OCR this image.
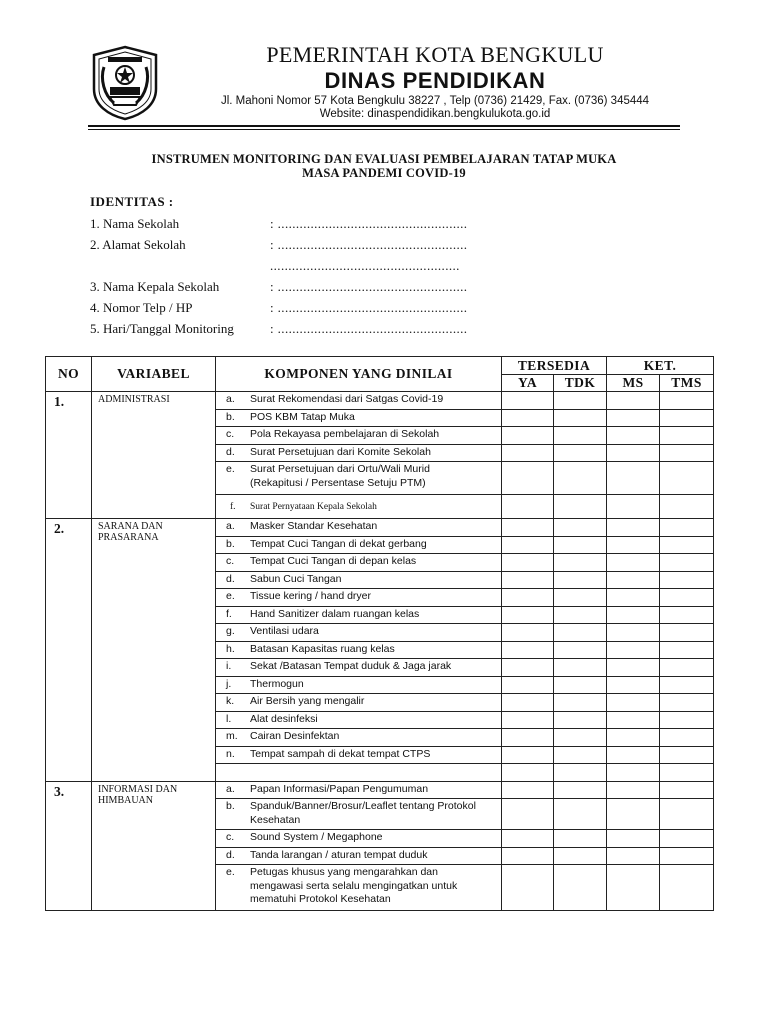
PEMERINTAH KOTA BENGKULU
DINAS PENDIDIKAN
Jl. Mahoni Nomor 57 Kota Bengkulu 38227 , Telp (0736) 21429, Fax. (0736) 345444
Website: dinaspendidikan.bengkulukota.go.id
INSTRUMEN MONITORING DAN EVALUASI PEMBELAJARAN TATAP MUKA
MASA PANDEMI COVID-19
IDENTITAS :
1. Nama Sekolah	: ....................................................
2. Alamat Sekolah	: ....................................................
....................................................
3. Nama Kepala Sekolah	: ....................................................
4. Nomor Telp / HP	: ....................................................
5. Hari/Tanggal Monitoring	: ....................................................
NO	VARIABEL	KOMPONEN YANG DINILAI	TERSEDIA		KET.	
			YA	TDK	MS	TMS
1.	ADMINISTRASI	a. Surat Rekomendasi dari Satgas Covid-19				
		b. POS KBM Tatap Muka				
		c. Pola Rekayasa pembelajaran di Sekolah				
		d. Surat Persetujuan dari Komite Sekolah				
		e. Surat Persetujuan dari Ortu/Wali Murid (Rekapitusi / Persentase Setuju PTM)				
		f. Surat Pernyataan Kepala Sekolah				
2.	SARANA DAN PRASARANA	a. Masker Standar Kesehatan				
		b. Tempat Cuci Tangan di dekat gerbang				
		c. Tempat Cuci Tangan di depan kelas				
		d. Sabun Cuci Tangan				
		e. Tissue kering / hand dryer				
		f. Hand Sanitizer dalam ruangan kelas				
		g. Ventilasi udara				
		h. Batasan Kapasitas ruang kelas				
		i. Sekat /Batasan Tempat duduk & Jaga jarak				
		j. Thermogun				
		k. Air Bersih yang mengalir				
		l. Alat desinfeksi				
		m. Cairan Desinfektan				
		n. Tempat sampah di dekat tempat CTPS				

3.	INFORMASI DAN HIMBAUAN	a. Papan Informasi/Papan Pengumuman				
		b. Spanduk/Banner/Brosur/Leaflet tentang Protokol Kesehatan				
		c. Sound System / Megaphone				
		d. Tanda larangan / aturan tempat duduk				
		e. Petugas khusus yang mengarahkan dan mengawasi serta selalu mengingatkan untuk mematuhi Protokol Kesehatan				
